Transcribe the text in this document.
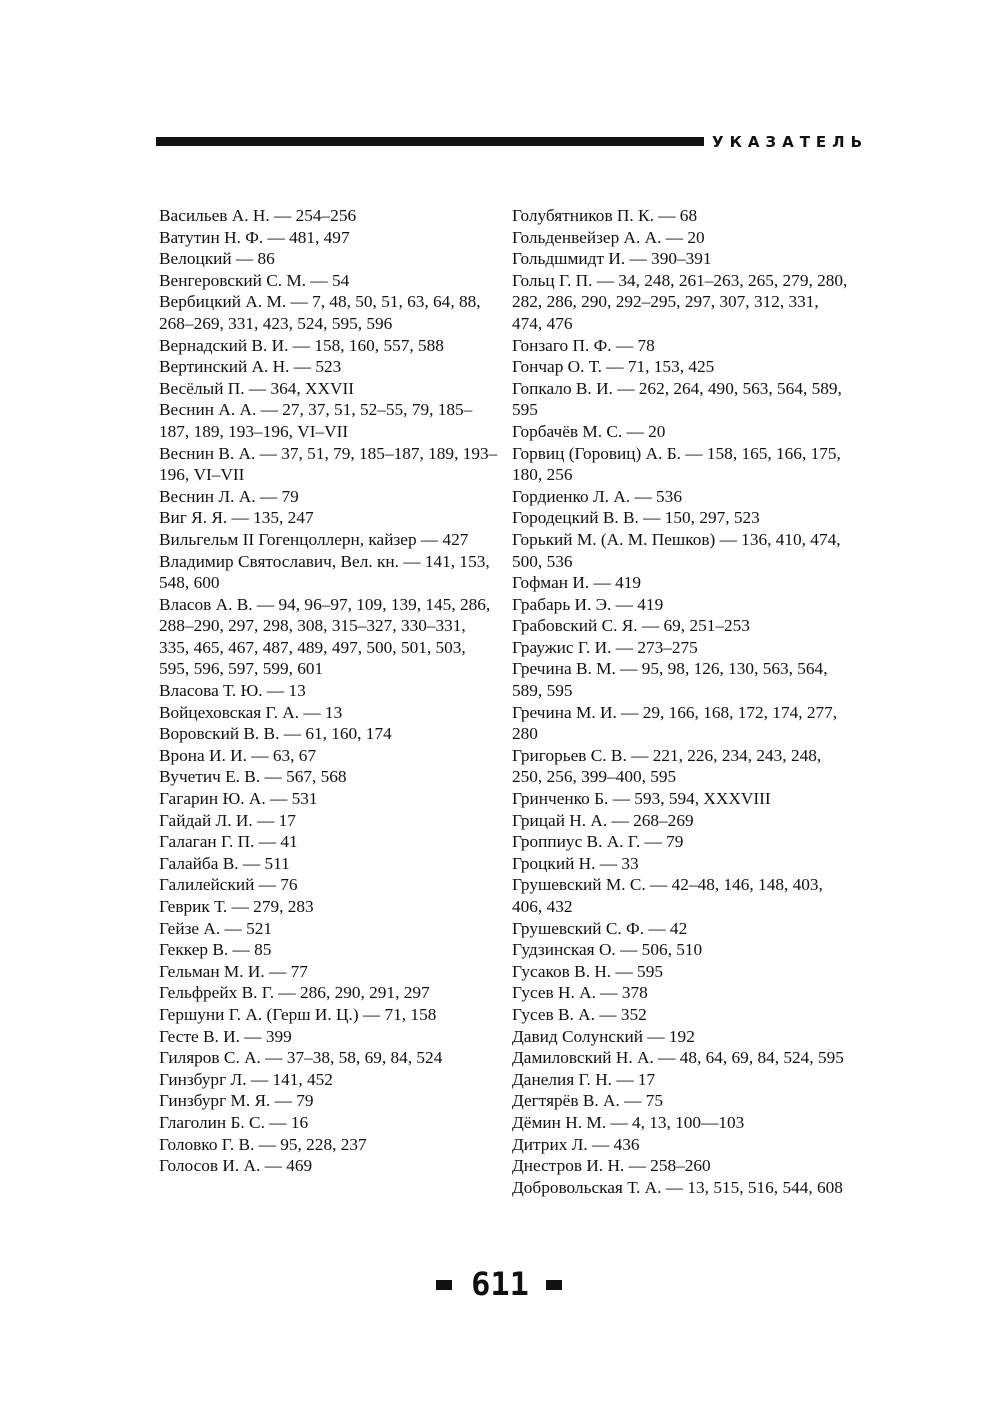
УКАЗАТЕЛЬ
Васильев А. Н. — 254–256
Ватутин Н. Ф. — 481, 497
Велоцкий — 86
Венгеровский С. М. — 54
Вербицкий А. М. — 7, 48, 50, 51, 63, 64, 88, 268–269, 331, 423, 524, 595, 596
Вернадский В. И. — 158, 160, 557, 588
Вертинский А. Н. — 523
Весёлый П. — 364, XXVII
Веснин А. А. — 27, 37, 51, 52–55, 79, 185–187, 189, 193–196, VI–VII
Веснин В. А. — 37, 51, 79, 185–187, 189, 193–196, VI–VII
Веснин Л. А. — 79
Виг Я. Я. — 135, 247
Вильгельм II Гогенцоллерн, кайзер — 427
Владимир Святославич, Вел. кн. — 141, 153, 548, 600
Власов А. В. — 94, 96–97, 109, 139, 145, 286, 288–290, 297, 298, 308, 315–327, 330–331, 335, 465, 467, 487, 489, 497, 500, 501, 503, 595, 596, 597, 599, 601
Власова Т. Ю. — 13
Войцеховская Г. А. — 13
Воровский В. В. — 61, 160, 174
Врона И. И. — 63, 67
Вучетич Е. В. — 567, 568
Гагарин Ю. А. — 531
Гайдай Л. И. — 17
Галаган Г. П. — 41
Галайба В. — 511
Галилейский — 76
Геврик Т. — 279, 283
Гейзе А. — 521
Геккер В. — 85
Гельман М. И. — 77
Гельфрейх В. Г. — 286, 290, 291, 297
Гершуни Г. А. (Герш И. Ц.) — 71, 158
Гесте В. И. — 399
Гиляров С. А. — 37–38, 58, 69, 84, 524
Гинзбург Л. — 141, 452
Гинзбург М. Я. — 79
Глаголин Б. С. — 16
Головко Г. В. — 95, 228, 237
Голосов И. А. — 469
Голубятников П. К. — 68
Гольденвейзер А. А. — 20
Гольдшмидт И. — 390–391
Гольц Г. П. — 34, 248, 261–263, 265, 279, 280, 282, 286, 290, 292–295, 297, 307, 312, 331, 474, 476
Гонзаго П. Ф. — 78
Гончар О. Т. — 71, 153, 425
Гопкало В. И. — 262, 264, 490, 563, 564, 589, 595
Горбачёв М. С. — 20
Горвиц (Горовиц) А. Б. — 158, 165, 166, 175, 180, 256
Гордиенко Л. А. — 536
Городецкий В. В. — 150, 297, 523
Горький М. (А. М. Пешков) — 136, 410, 474, 500, 536
Гофман И. — 419
Грабарь И. Э. — 419
Грабовский С. Я. — 69, 251–253
Граужис Г. И. — 273–275
Гречина В. М. — 95, 98, 126, 130, 563, 564, 589, 595
Гречина М. И. — 29, 166, 168, 172, 174, 277, 280
Григорьев С. В. — 221, 226, 234, 243, 248, 250, 256, 399–400, 595
Гринченко Б. — 593, 594, XXXVIII
Грицай Н. А. — 268–269
Гроппиус В. А. Г. — 79
Гроцкий Н. — 33
Грушевский М. С. — 42–48, 146, 148, 403, 406, 432
Грушевский С. Ф. — 42
Гудзинская О. — 506, 510
Гусаков В. Н. — 595
Гусев Н. А. — 378
Гусев В. А. — 352
Давид Солунский — 192
Дамиловский Н. А. — 48, 64, 69, 84, 524, 595
Данелия Г. Н. — 17
Дегтярёв В. А. — 75
Дёмин Н. М. — 4, 13, 100—103
Дитрих Л. — 436
Днестров И. Н. — 258–260
Добровольская Т. А. — 13, 515, 516, 544, 608
611
